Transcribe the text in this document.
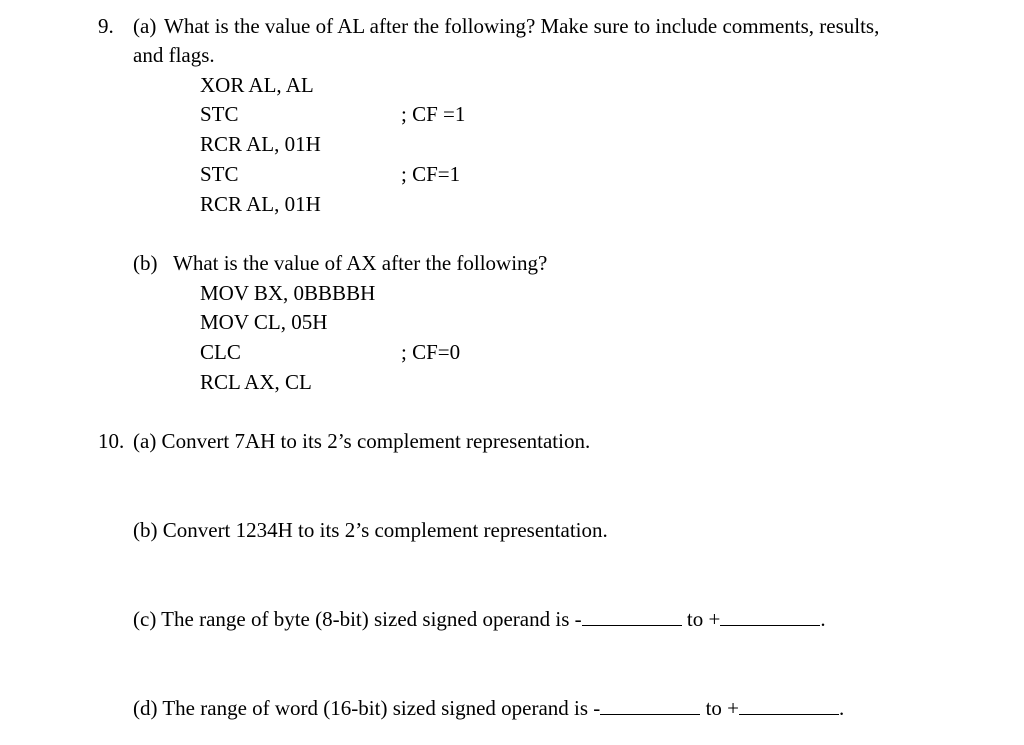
9. (a) What is the value of AL after the following? Make sure to include comments, results,
and flags.
XOR AL, AL
STC	; CF =1
RCR AL, 01H
STC	; CF=1
RCR AL, 01H
(b) What is the value of AX after the following?
MOV BX, 0BBBBH
MOV CL, 05H
CLC	; CF=0
RCL AX, CL
10. (a) Convert 7AH to its 2’s complement representation.
(b) Convert 1234H to its 2’s complement representation.
(c) The range of byte (8-bit) sized signed operand is -	to +	.
(d) The range of word (16-bit) sized signed operand is -	to +	.
